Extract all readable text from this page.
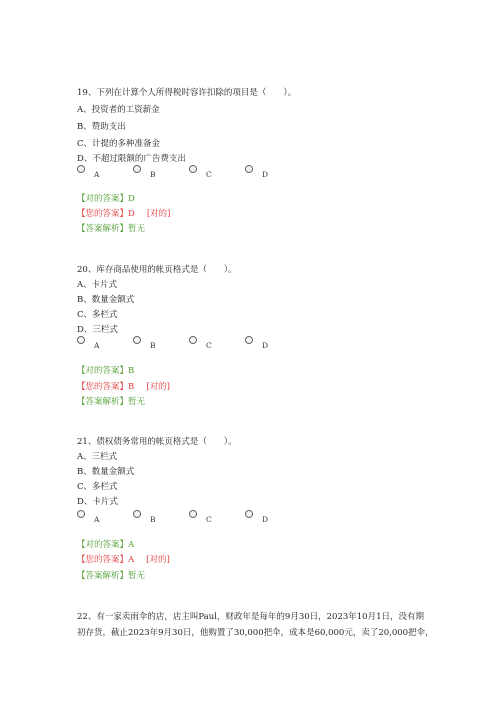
19、下列在计算个人所得税时容许扣除的项目是（　　）。
A、投资者的工资薪金
B、赞助支出
C、计提的多种准备金
D、不超过限额的广告费支出
A	B	C	D
【对的答案】D
【您的答案】D [对的]
【答案解析】暂无
20、库存商品使用的帐页格式是（　　）。
A、卡片式
B、数量金额式
C、多栏式
D、三栏式
A	B	C	D
【对的答案】B
【您的答案】B [对的]
【答案解析】暂无
21、债权债务常用的帐页格式是（　　）。
A、三栏式
B、数量金额式
C、多栏式
D、卡片式
A	B	C	D
【对的答案】A
【您的答案】A [对的]
【答案解析】暂无
22、有一家卖雨伞的店，店主叫Paul，财政年是每年的9月30日，2023年10月1日，没有期
初存货，截止2023年9月30日，他购置了30,000把伞，成本是60,000元，卖了20,000把伞，
